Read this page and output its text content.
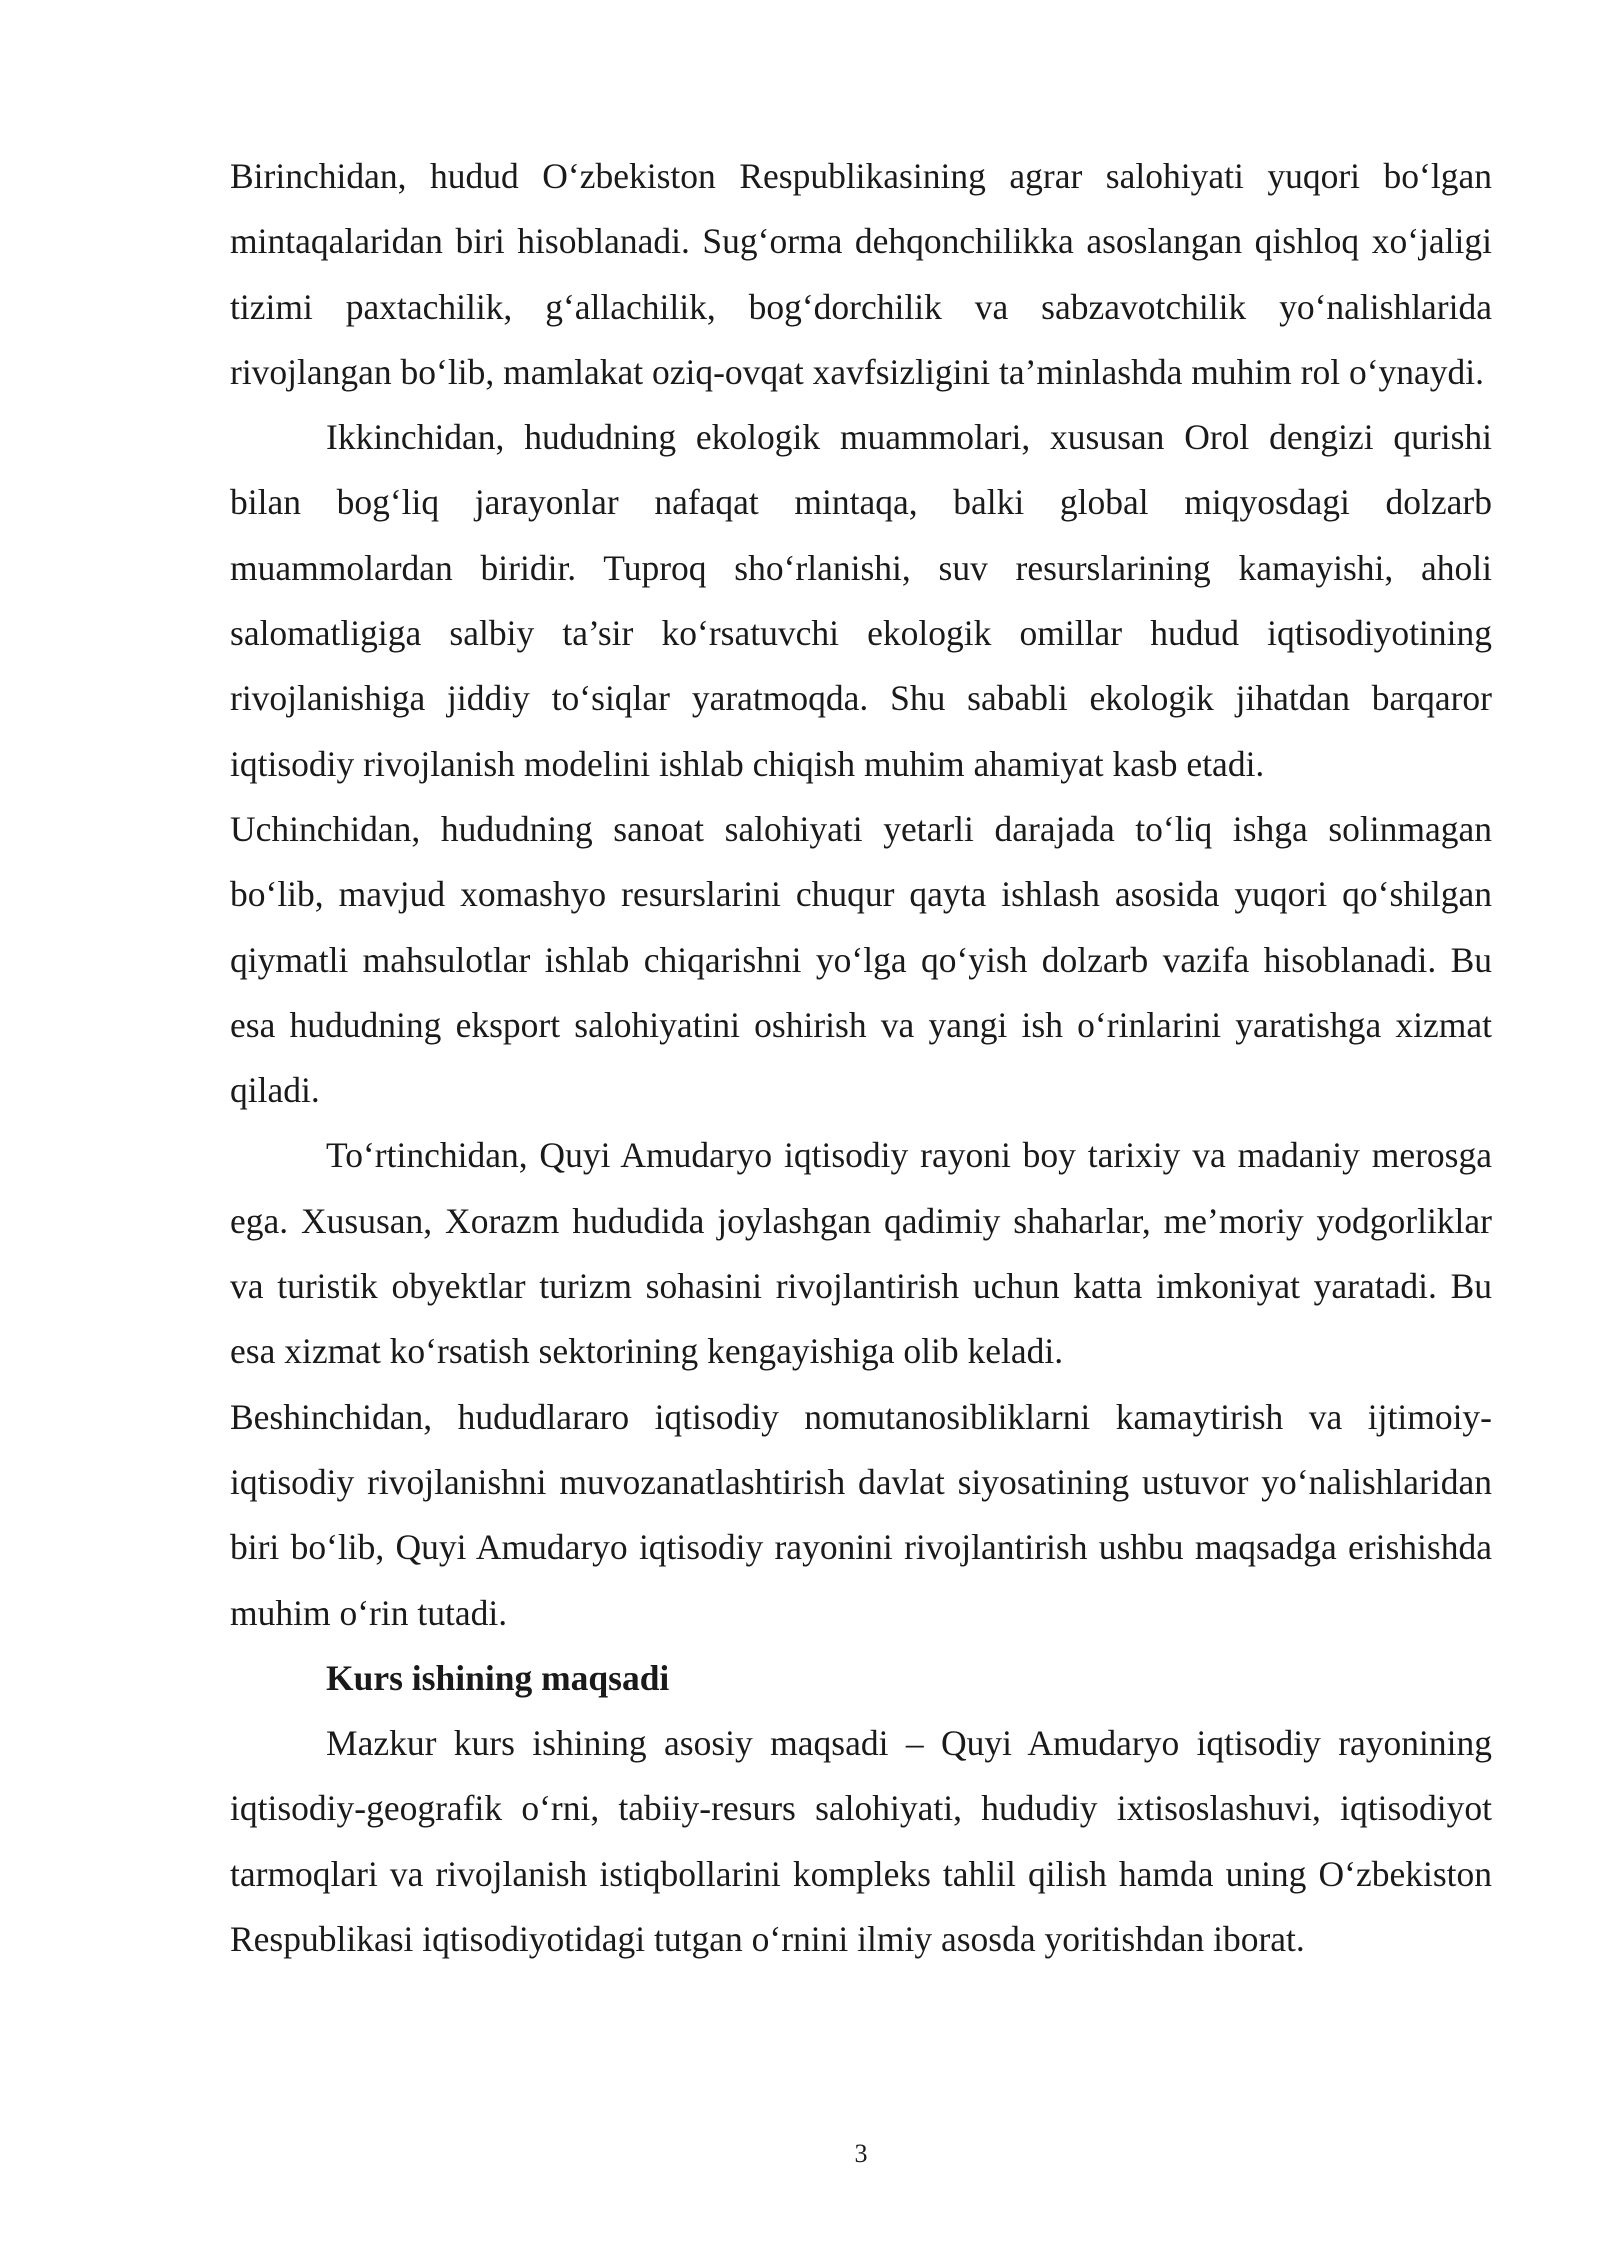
Birinchidan, hudud O‘zbekiston Respublikasining agrar salohiyati yuqori bo‘lgan mintaqalaridan biri hisoblanadi. Sug‘orma dehqonchilikka asoslangan qishloq xo‘jaligi tizimi paxtachilik, g‘allachilik, bog‘dorchilik va sabzavotchilik yo‘nalishlarida rivojlangan bo‘lib, mamlakat oziq-ovqat xavfsizligini ta’minlashda muhim rol o‘ynaydi.

Ikkinchidan, hududning ekologik muammolari, xususan Orol dengizi qurishi bilan bog‘liq jarayonlar nafaqat mintaqa, balki global miqyosdagi dolzarb muammolardan biridir. Tuproq sho‘rlanishi, suv resurslarining kamayishi, aholi salomatligiga salbiy ta’sir ko‘rsatuvchi ekologik omillar hudud iqtisodiyotining rivojlanishiga jiddiy to‘siqlar yaratmoqda. Shu sababli ekologik jihatdan barqaror iqtisodiy rivojlanish modelini ishlab chiqish muhim ahamiyat kasb etadi.

Uchinchidan, hududning sanoat salohiyati yetarli darajada to‘liq ishga solinmagan bo‘lib, mavjud xomashyo resurslarini chuqur qayta ishlash asosida yuqori qo‘shilgan qiymatli mahsulotlar ishlab chiqarishni yo‘lga qo‘yish dolzarb vazifa hisoblanadi. Bu esa hududning eksport salohiyatini oshirish va yangi ish o‘rinlarini yaratishga xizmat qiladi.

To‘rtinchidan, Quyi Amudaryo iqtisodiy rayoni boy tarixiy va madaniy merosga ega. Xususan, Xorazm hududida joylashgan qadimiy shaharlar, me’moriy yodgorliklar va turistik obyektlar turizm sohasini rivojlantirish uchun katta imkoniyat yaratadi. Bu esa xizmat ko‘rsatish sektorining kengayishiga olib keladi.

Beshinchidan, hududlararo iqtisodiy nomutanosibliklarni kamaytirish va ijtimoiy-iqtisodiy rivojlanishni muvozanatlashtirish davlat siyosatining ustuvor yo‘nalishlaridan biri bo‘lib, Quyi Amudaryo iqtisodiy rayonini rivojlantirish ushbu maqsadga erishishda muhim o‘rin tutadi.

Kurs ishining maqsadi

Mazkur kurs ishining asosiy maqsadi – Quyi Amudaryo iqtisodiy rayonining iqtisodiy-geografik o‘rni, tabiiy-resurs salohiyati, hududiy ixtisoslashuvi, iqtisodiyot tarmoqlari va rivojlanish istiqbollarini kompleks tahlil qilish hamda uning O‘zbekiston Respublikasi iqtisodiyotidagi tutgan o‘rnini ilmiy asosda yoritishdan iborat.

3
